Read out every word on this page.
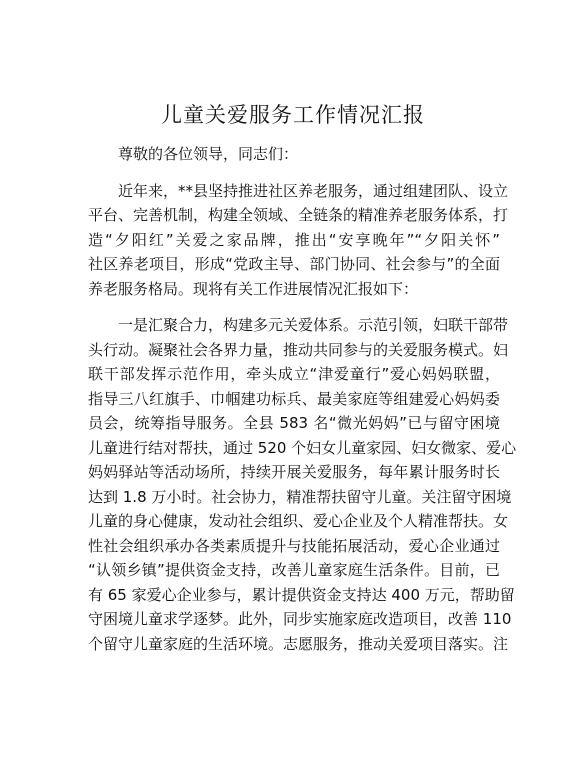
儿童关爱服务工作情况汇报
尊敬的各位领导，同志们：
近年来，**县坚持推进社区养老服务，通过组建团队、设立
平台、完善机制，构建全领域、全链条的精准养老服务体系，打
造“夕阳红”关爱之家品牌，推出“安享晚年”“夕阳关怀”
社区养老项目，形成“党政主导、部门协同、社会参与”的全面
养老服务格局。现将有关工作进展情况汇报如下：
一是汇聚合力，构建多元关爱体系。示范引领，妇联干部带
头行动。凝聚社会各界力量，推动共同参与的关爱服务模式。妇
联干部发挥示范作用，牵头成立“津爱童行”爱心妈妈联盟，
指导三八红旗手、巾帼建功标兵、最美家庭等组建爱心妈妈委
员会，统筹指导服务。全县 583 名“微光妈妈”已与留守困境
儿童进行结对帮扶，通过 520 个妇女儿童家园、妇女微家、爱心
妈妈驿站等活动场所，持续开展关爱服务，每年累计服务时长
达到 1.8 万小时。社会协力，精准帮扶留守儿童。关注留守困境
儿童的身心健康，发动社会组织、爱心企业及个人精准帮扶。女
性社会组织承办各类素质提升与技能拓展活动，爱心企业通过
“认领乡镇”提供资金支持，改善儿童家庭生活条件。目前，已
有 65 家爱心企业参与，累计提供资金支持达 400 万元，帮助留
守困境儿童求学逐梦。此外，同步实施家庭改造项目，改善 110
个留守儿童家庭的生活环境。志愿服务，推动关爱项目落实。注
